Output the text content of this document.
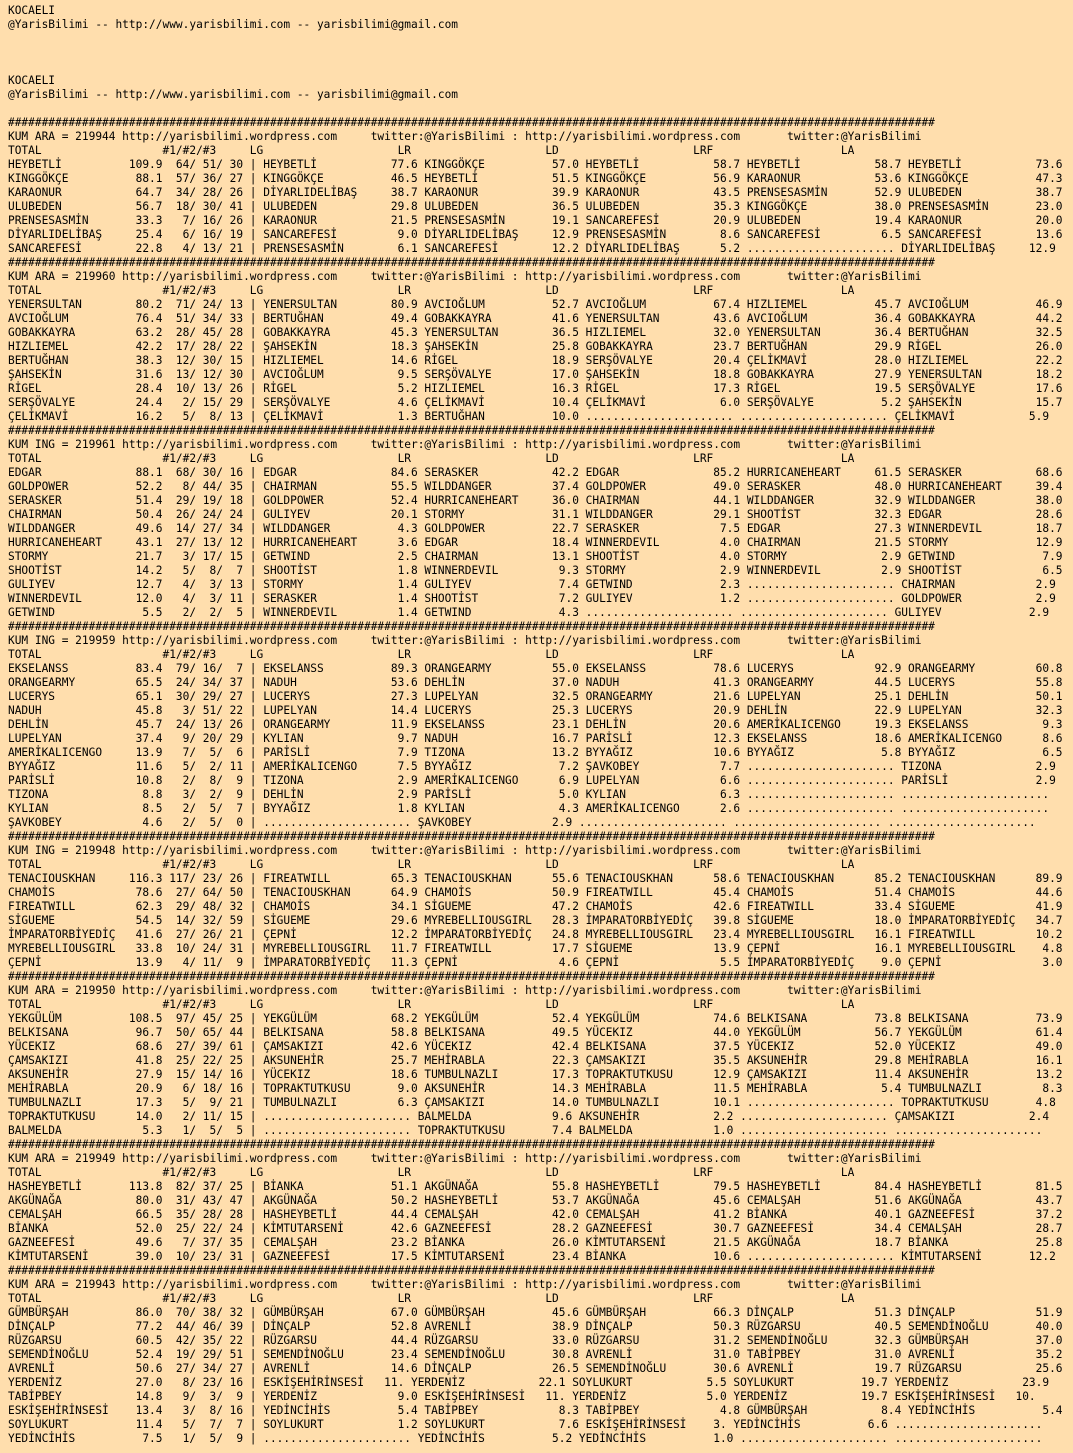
KOCAELI
@YarisBilimi -- http://www.yarisbilimi.com -- yarisbilimi@gmail.com
KOCAELI
@YarisBilimi -- http://www.yarisbilimi.com -- yarisbilimi@gmail.com
##########################################################################################################################################
KUM ARA = 219944 http://yarisbilimi.wordpress.com     twitter:@YarisBilimi : http://yarisbilimi.wordpress.com       twitter:@YarisBilimi
TOTAL                  #1/#2/#3     LG                    LR                    LD                    LRF                   LA
HEYBETLİ          109.9  64/ 51/ 30 | HEYBETLİ           77.6 KINGGÖKÇE          57.0 HEYBETLİ           58.7 HEYBETLİ           58.7 HEYBETLİ           73.6
KINGGÖKÇE          88.1  57/ 36/ 27 | KINGGÖKÇE          46.5 HEYBETLİ           51.5 KINGGÖKÇE          56.9 KARAONUR           53.6 KINGGÖKÇE          47.3
KARAONUR           64.7  34/ 28/ 26 | DİYARLIDELİBAŞ     38.7 KARAONUR           39.9 KARAONUR           43.5 PRENSESASMİN       52.9 ULUBEDEN           38.7
ULUBEDEN           56.7  18/ 30/ 41 | ULUBEDEN           29.8 ULUBEDEN           36.5 ULUBEDEN           35.3 KINGGÖKÇE          38.0 PRENSESASMİN       23.0
PRENSESASMİN       33.3   7/ 16/ 26 | KARAONUR           21.5 PRENSESASMİN       19.1 SANCAREFESİ        20.9 ULUBEDEN           19.4 KARAONUR           20.0
DİYARLIDELİBAŞ     25.4   6/ 16/ 19 | SANCAREFESİ         9.0 DİYARLIDELİBAŞ     12.9 PRENSESASMİN        8.6 SANCAREFESİ         6.5 SANCAREFESİ        13.6
SANCAREFESİ        22.8   4/ 13/ 21 | PRENSESASMİN        6.1 SANCAREFESİ        12.2 DİYARLIDELİBAŞ      5.2 ...................... DİYARLIDELİBAŞ     12.9
##########################################################################################################################################
KUM ARA = 219960 http://yarisbilimi.wordpress.com     twitter:@YarisBilimi : http://yarisbilimi.wordpress.com       twitter:@YarisBilimi
TOTAL                  #1/#2/#3     LG                    LR                    LD                    LRF                   LA
YENERSULTAN        80.2  71/ 24/ 13 | YENERSULTAN        80.9 AVCIOĞLUM          52.7 AVCIOĞLUM          67.4 HIZLIEMEL          45.7 AVCIOĞLUM          46.9
AVCIOĞLUM          76.4  51/ 34/ 33 | BERTUĞHAN          49.4 GOBAKKAYRA         41.6 YENERSULTAN        43.6 AVCIOĞLUM          36.4 GOBAKKAYRA         44.2
GOBAKKAYRA         63.2  28/ 45/ 28 | GOBAKKAYRA         45.3 YENERSULTAN        36.5 HIZLIEMEL          32.0 YENERSULTAN        36.4 BERTUĞHAN          32.5
HIZLIEMEL          42.2  17/ 28/ 22 | ŞAHSEKİN           18.3 ŞAHSEKİN           25.8 GOBAKKAYRA         23.7 BERTUĞHAN          29.9 RİGEL              26.0
BERTUĞHAN          38.3  12/ 30/ 15 | HIZLIEMEL          14.6 RİGEL              18.9 SERŞÖVALYE         20.4 ÇELİKMAVİ          28.0 HIZLIEMEL          22.2
ŞAHSEKİN           31.6  13/ 12/ 30 | AVCIOĞLUM           9.5 SERŞÖVALYE         17.0 ŞAHSEKİN           18.8 GOBAKKAYRA         27.9 YENERSULTAN        18.2
RİGEL              28.4  10/ 13/ 26 | RİGEL               5.2 HIZLIEMEL          16.3 RİGEL              17.3 RİGEL              19.5 SERŞÖVALYE         17.6
SERŞÖVALYE         24.4   2/ 15/ 29 | SERŞÖVALYE          4.6 ÇELİKMAVİ          10.4 ÇELİKMAVİ           6.0 SERŞÖVALYE          5.2 ŞAHSEKİN           15.7
ÇELİKMAVİ          16.2   5/  8/ 13 | ÇELİKMAVİ           1.3 BERTUĞHAN          10.0 ...................... ...................... ÇELİKMAVİ           5.9
##########################################################################################################################################
KUM ING = 219961 http://yarisbilimi.wordpress.com     twitter:@YarisBilimi : http://yarisbilimi.wordpress.com       twitter:@YarisBilimi
TOTAL                  #1/#2/#3     LG                    LR                    LD                    LRF                   LA
EDGAR              88.1  68/ 30/ 16 | EDGAR              84.6 SERASKER           42.2 EDGAR              85.2 HURRICANEHEART     61.5 SERASKER           68.6
GOLDPOWER          52.2   8/ 44/ 35 | CHAIRMAN           55.5 WILDDANGER         37.4 GOLDPOWER          49.0 SERASKER           48.0 HURRICANEHEART     39.4
SERASKER           51.4  29/ 19/ 18 | GOLDPOWER          52.4 HURRICANEHEART     36.0 CHAIRMAN           44.1 WILDDANGER         32.9 WILDDANGER         38.0
CHAIRMAN           50.4  26/ 24/ 24 | GULIYEV            20.1 STORMY             31.1 WILDDANGER         29.1 SHOOTİST           32.3 EDGAR              28.6
WILDDANGER         49.6  14/ 27/ 34 | WILDDANGER          4.3 GOLDPOWER          22.7 SERASKER            7.5 EDGAR              27.3 WINNERDEVIL        18.7
HURRICANEHEART     43.1  27/ 13/ 12 | HURRICANEHEART      3.6 EDGAR              18.4 WINNERDEVIL         4.0 CHAIRMAN           21.5 STORMY             12.9
STORMY             21.7   3/ 17/ 15 | GETWIND             2.5 CHAIRMAN           13.1 SHOOTİST            4.0 STORMY              2.9 GETWIND             7.9
SHOOTİST           14.2   5/  8/  7 | SHOOTİST            1.8 WINNERDEVIL         9.3 STORMY              2.9 WINNERDEVIL         2.9 SHOOTİST            6.5
GULIYEV            12.7   4/  3/ 13 | STORMY              1.4 GULIYEV             7.4 GETWIND             2.3 ...................... CHAIRMAN            2.9
WINNERDEVIL        12.0   4/  3/ 11 | SERASKER            1.4 SHOOTİST            7.2 GULIYEV             1.2 ...................... GOLDPOWER           2.9
GETWIND             5.5   2/  2/  5 | WINNERDEVIL         1.4 GETWIND             4.3 ...................... ...................... GULIYEV             2.9
##########################################################################################################################################
KUM ING = 219959 http://yarisbilimi.wordpress.com     twitter:@YarisBilimi : http://yarisbilimi.wordpress.com       twitter:@YarisBilimi
TOTAL                  #1/#2/#3     LG                    LR                    LD                    LRF                   LA
EKSELANSS          83.4  79/ 16/  7 | EKSELANSS          89.3 ORANGEARMY         55.0 EKSELANSS          78.6 LUCERYS            92.9 ORANGEARMY         60.8
ORANGEARMY         65.5  24/ 34/ 37 | NADUH              53.6 DEHLİN             37.0 NADUH              41.3 ORANGEARMY         44.5 LUCERYS            55.8
LUCERYS            65.1  30/ 29/ 27 | LUCERYS            27.3 LUPELYAN           32.5 ORANGEARMY         21.6 LUPELYAN           25.1 DEHLİN             50.1
NADUH              45.8   3/ 51/ 22 | LUPELYAN           14.4 LUCERYS            25.3 LUCERYS            20.9 DEHLİN             22.9 LUPELYAN           32.3
DEHLİN             45.7  24/ 13/ 26 | ORANGEARMY         11.9 EKSELANSS          23.1 DEHLİN             20.6 AMERİKALICENGO     19.3 EKSELANSS           9.3
LUPELYAN           37.4   9/ 20/ 29 | KYLIAN              9.7 NADUH              16.7 PARİSLİ            12.3 EKSELANSS          18.6 AMERİKALICENGO      8.6
AMERİKALICENGO     13.9   7/  5/  6 | PARİSLİ             7.9 TIZONA             13.2 BYYAĞIZ            10.6 BYYAĞIZ             5.8 BYYAĞIZ             6.5
BYYAĞIZ            11.6   5/  2/ 11 | AMERİKALICENGO      7.5 BYYAĞIZ             7.2 ŞAVKOBEY            7.7 ...................... TIZONA              2.9
PARİSLİ            10.8   2/  8/  9 | TIZONA              2.9 AMERİKALICENGO      6.9 LUPELYAN            6.6 ...................... PARİSLİ             2.9
TIZONA              8.8   3/  2/  9 | DEHLİN              2.9 PARİSLİ             5.0 KYLIAN              6.3 ...................... ......................
KYLIAN              8.5   2/  5/  7 | BYYAĞIZ             1.8 KYLIAN              4.3 AMERİKALICENGO      2.6 ...................... ......................
ŞAVKOBEY            4.6   2/  5/  0 | ...................... ŞAVKOBEY            2.9 ...................... ...................... ......................
##########################################################################################################################################
KUM ING = 219948 http://yarisbilimi.wordpress.com     twitter:@YarisBilimi : http://yarisbilimi.wordpress.com       twitter:@YarisBilimi
TOTAL                  #1/#2/#3     LG                    LR                    LD                    LRF                   LA
TENACIOUSKHAN     116.3 117/ 23/ 26 | FIREATWILL         65.3 TENACIOUSKHAN      55.6 TENACIOUSKHAN      58.6 TENACIOUSKHAN      85.2 TENACIOUSKHAN      89.9
CHAMOİS            78.6  27/ 64/ 50 | TENACIOUSKHAN      64.9 CHAMOİS            50.9 FIREATWILL         45.4 CHAMOİS            51.4 CHAMOİS            44.6
FIREATWILL         62.3  29/ 48/ 32 | CHAMOİS            34.1 SİGUEME            47.2 CHAMOİS            42.6 FIREATWILL         33.4 SİGUEME            41.9
SİGUEME            54.5  14/ 32/ 59 | SİGUEME            29.6 MYREBELLIOUSGIRL   28.3 İMPARATORBİYEDİÇ   39.8 SİGUEME            18.0 İMPARATORBİYEDİÇ   34.7
İMPARATORBİYEDİÇ   41.6  27/ 26/ 21 | ÇEPNİ              12.2 İMPARATORBİYEDİÇ   24.8 MYREBELLIOUSGIRL   23.4 MYREBELLIOUSGIRL   16.1 FIREATWILL         10.2
MYREBELLIOUSGIRL   33.8  10/ 24/ 31 | MYREBELLIOUSGIRL   11.7 FIREATWILL         17.7 SİGUEME            13.9 ÇEPNİ              16.1 MYREBELLIOUSGIRL    4.8
ÇEPNİ              13.9   4/ 11/  9 | İMPARATORBİYEDİÇ   11.3 ÇEPNİ               4.6 ÇEPNİ               5.5 İMPARATORBİYEDİÇ    9.0 ÇEPNİ               3.0
##########################################################################################################################################
KUM ARA = 219950 http://yarisbilimi.wordpress.com     twitter:@YarisBilimi : http://yarisbilimi.wordpress.com       twitter:@YarisBilimi
TOTAL                  #1/#2/#3     LG                    LR                    LD                    LRF                   LA
YEKGÜLÜM          108.5  97/ 45/ 25 | YEKGÜLÜM           68.2 YEKGÜLÜM           52.4 YEKGÜLÜM           74.6 BELKISANA          73.8 BELKISANA          73.9
BELKISANA          96.7  50/ 65/ 44 | BELKISANA          58.8 BELKISANA          49.5 YÜCEKIZ            44.0 YEKGÜLÜM           56.7 YEKGÜLÜM           61.4
YÜCEKIZ            68.6  27/ 39/ 61 | ÇAMSAKIZI          42.6 YÜCEKIZ            42.4 BELKISANA          37.5 YÜCEKIZ            52.0 YÜCEKIZ            49.0
ÇAMSAKIZI          41.8  25/ 22/ 25 | AKSUNEHİR          25.7 MEHİRABLA          22.3 ÇAMSAKIZI          35.5 AKSUNEHİR          29.8 MEHİRABLA          16.1
AKSUNEHİR          27.9  15/ 14/ 16 | YÜCEKIZ            18.6 TUMBULNAZLI        17.3 TOPRAKTUTKUSU      12.9 ÇAMSAKIZI          11.4 AKSUNEHİR          13.2
MEHİRABLA          20.9   6/ 18/ 16 | TOPRAKTUTKUSU       9.0 AKSUNEHİR          14.3 MEHİRABLA          11.5 MEHİRABLA           5.4 TUMBULNAZLI         8.3
TUMBULNAZLI        17.3   5/  9/ 21 | TUMBULNAZLI         6.3 ÇAMSAKIZI          14.0 TUMBULNAZLI        10.1 ...................... TOPRAKTUTKUSU       4.8
TOPRAKTUTKUSU      14.0   2/ 11/ 15 | ...................... BALMELDA            9.6 AKSUNEHİR           2.2 ...................... ÇAMSAKIZI           2.4
BALMELDA            5.3   1/  5/  5 | ...................... TOPRAKTUTKUSU       7.4 BALMELDA            1.0 ...................... ......................
##########################################################################################################################################
KUM ARA = 219949 http://yarisbilimi.wordpress.com     twitter:@YarisBilimi : http://yarisbilimi.wordpress.com       twitter:@YarisBilimi
TOTAL                  #1/#2/#3     LG                    LR                    LD                    LRF                   LA
HASHEYBETLİ       113.8  82/ 37/ 25 | BİANKA             51.1 AKGÜNAĞA           55.8 HASHEYBETLİ        79.5 HASHEYBETLİ        84.4 HASHEYBETLİ        81.5
AKGÜNAĞA           80.0  31/ 43/ 47 | AKGÜNAĞA           50.2 HASHEYBETLİ        53.7 AKGÜNAĞA           45.6 CEMALŞAH           51.6 AKGÜNAĞA           43.7
CEMALŞAH           66.5  35/ 28/ 28 | HASHEYBETLİ        44.4 CEMALŞAH           42.0 CEMALŞAH           41.2 BİANKA             40.1 GAZNEEFESİ         37.2
BİANKA             52.0  25/ 22/ 24 | KİMTUTARSENİ       42.6 GAZNEEFESİ         28.2 GAZNEEFESİ         30.7 GAZNEEFESİ         34.4 CEMALŞAH           28.7
GAZNEEFESİ         49.6   7/ 37/ 35 | CEMALŞAH           23.2 BİANKA             26.0 KİMTUTARSENİ       21.5 AKGÜNAĞA           18.7 BİANKA             25.8
KİMTUTARSENİ       39.0  10/ 23/ 31 | GAZNEEFESİ         17.5 KİMTUTARSENİ       23.4 BİANKA             10.6 ...................... KİMTUTARSENİ       12.2
##########################################################################################################################################
KUM ARA = 219943 http://yarisbilimi.wordpress.com     twitter:@YarisBilimi : http://yarisbilimi.wordpress.com       twitter:@YarisBilimi
TOTAL                  #1/#2/#3     LG                    LR                    LD                    LRF                   LA
GÜMBÜRŞAH          86.0  70/ 38/ 32 | GÜMBÜRŞAH          67.0 GÜMBÜRŞAH          45.6 GÜMBÜRŞAH          66.3 DİNÇALP            51.3 DİNÇALP            51.9
DİNÇALP            77.2  44/ 46/ 39 | DİNÇALP            52.8 AVRENLİ            38.9 DİNÇALP            50.3 RÜZGARSU           40.5 SEMENDİNOĞLU       40.0
RÜZGARSU           60.5  42/ 35/ 22 | RÜZGARSU           44.4 RÜZGARSU           33.0 RÜZGARSU           31.2 SEMENDİNOĞLU       32.3 GÜMBÜRŞAH          37.0
SEMENDİNOĞLU       52.4  19/ 29/ 51 | SEMENDİNOĞLU       23.4 SEMENDİNOĞLU       30.8 AVRENLİ            31.0 TABİPBEY           31.0 AVRENLİ            35.2
AVRENLİ            50.6  27/ 34/ 27 | AVRENLİ            14.6 DİNÇALP            26.5 SEMENDİNOĞLU       30.6 AVRENLİ            19.7 RÜZGARSU           25.6
YERDENİZ           27.0   8/ 23/ 16 | ESKİŞEHİRİNSESİ   11. YERDENİZ           22.1 SOYLUKURT           5.5 SOYLUKURT          19.7 YERDENİZ           23.9
TABİPBEY           14.8   9/  3/  9 | YERDENİZ            9.0 ESKİŞEHİRİNSESİ   11. YERDENİZ            5.0 YERDENİZ           19.7 ESKİŞEHİRİNSESİ   10.
ESKİŞEHİRİNSESİ    13.4   3/  8/ 16 | YEDİNCİHİS          5.4 TABİPBEY            8.3 TABİPBEY            4.8 GÜMBÜRŞAH           8.4 YEDİNCİHİS          5.4
SOYLUKURT          11.4   5/  7/  7 | SOYLUKURT           1.2 SOYLUKURT           7.6 ESKİŞEHİRİNSESİ    3. YEDİNCİHİS          6.6 ......................
YEDİNCİHİS          7.5   1/  5/  9 | ...................... YEDİNCİHİS          5.2 YEDİNCİHİS          1.0 ...................... ......................
